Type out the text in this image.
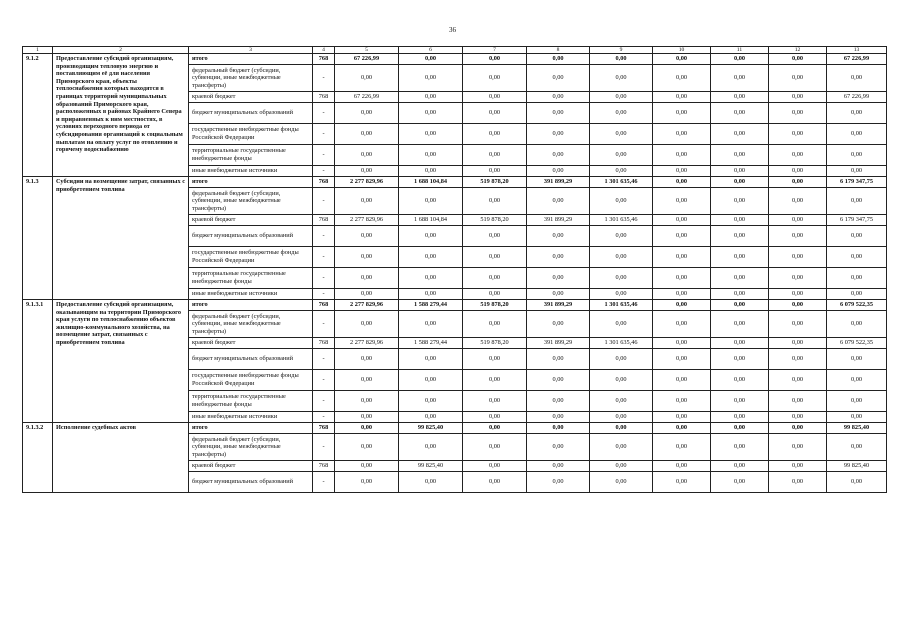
36
1	2	3	4	5	6	7	8	9	10	11	12	13
9.1.2	Предоставление субсидий организациям, производящим тепловую энергию и поставляющим её для населения Приморского края, объекты теплоснабжения которых находятся в границах территорий муниципальных образований Приморского края, расположенных в районах Крайнего Севера и приравненных к ним местностях, в условиях переходного периода от субсидирования организаций к социальным выплатам на оплату услуг по отоплению и горячему водоснабжению	итого	768	67 226,99	0,00	0,00	0,00	0,00	0,00	0,00	0,00	67 226,99
		федеральный бюджет (субсидии, субвенции, иные межбюджетные трансферты)	-	0,00	0,00	0,00	0,00	0,00	0,00	0,00	0,00	0,00
		краевой бюджет	768	67 226,99	0,00	0,00	0,00	0,00	0,00	0,00	0,00	67 226,99
		бюджет муниципальных образований	-	0,00	0,00	0,00	0,00	0,00	0,00	0,00	0,00	0,00
		государственные внебюджетные фонды Российской Федерации	-	0,00	0,00	0,00	0,00	0,00	0,00	0,00	0,00	0,00
		территориальные государственные внебюджетные фонды	-	0,00	0,00	0,00	0,00	0,00	0,00	0,00	0,00	0,00
		иные внебюджетные источники	-	0,00	0,00	0,00	0,00	0,00	0,00	0,00	0,00	0,00
9.1.3	Субсидии на возмещение затрат, связанных с приобретением топлива	итого	768	2 277 829,96	1 688 104,84	519 878,20	391 899,29	1 301 635,46	0,00	0,00	0,00	6 179 347,75
		федеральный бюджет (субсидии, субвенции, иные межбюджетные трансферты)	-	0,00	0,00	0,00	0,00	0,00	0,00	0,00	0,00	0,00
		краевой бюджет	768	2 277 829,96	1 688 104,84	519 878,20	391 899,29	1 301 635,46	0,00	0,00	0,00	6 179 347,75
		бюджет муниципальных образований	-	0,00	0,00	0,00	0,00	0,00	0,00	0,00	0,00	0,00
		государственные внебюджетные фонды Российской Федерации	-	0,00	0,00	0,00	0,00	0,00	0,00	0,00	0,00	0,00
		территориальные государственные внебюджетные фонды	-	0,00	0,00	0,00	0,00	0,00	0,00	0,00	0,00	0,00
		иные внебюджетные источники	-	0,00	0,00	0,00	0,00	0,00	0,00	0,00	0,00	0,00
9.1.3.1	Предоставление субсидий организациям, оказывающим на территории Приморского края услуги по теплоснабжению объектов жилищно-коммунального хозяйства, на возмещение затрат, связанных с приобретением топлива	итого	768	2 277 829,96	1 588 279,44	519 878,20	391 899,29	1 301 635,46	0,00	0,00	0,00	6 079 522,35
		федеральный бюджет (субсидии, субвенции, иные межбюджетные трансферты)	-	0,00	0,00	0,00	0,00	0,00	0,00	0,00	0,00	0,00
		краевой бюджет	768	2 277 829,96	1 588 279,44	519 878,20	391 899,29	1 301 635,46	0,00	0,00	0,00	6 079 522,35
		бюджет муниципальных образований	-	0,00	0,00	0,00	0,00	0,00	0,00	0,00	0,00	0,00
		государственные внебюджетные фонды Российской Федерации	-	0,00	0,00	0,00	0,00	0,00	0,00	0,00	0,00	0,00
		территориальные государственные внебюджетные фонды	-	0,00	0,00	0,00	0,00	0,00	0,00	0,00	0,00	0,00
		иные внебюджетные источники	-	0,00	0,00	0,00	0,00	0,00	0,00	0,00	0,00	0,00
9.1.3.2	Исполнение судебных актов	итого	768	0,00	99 825,40	0,00	0,00	0,00	0,00	0,00	0,00	99 825,40
		федеральный бюджет (субсидии, субвенции, иные межбюджетные трансферты)	-	0,00	0,00	0,00	0,00	0,00	0,00	0,00	0,00	0,00
		краевой бюджет	768	0,00	99 825,40	0,00	0,00	0,00	0,00	0,00	0,00	99 825,40
		бюджет муниципальных образований	-	0,00	0,00	0,00	0,00	0,00	0,00	0,00	0,00	0,00
